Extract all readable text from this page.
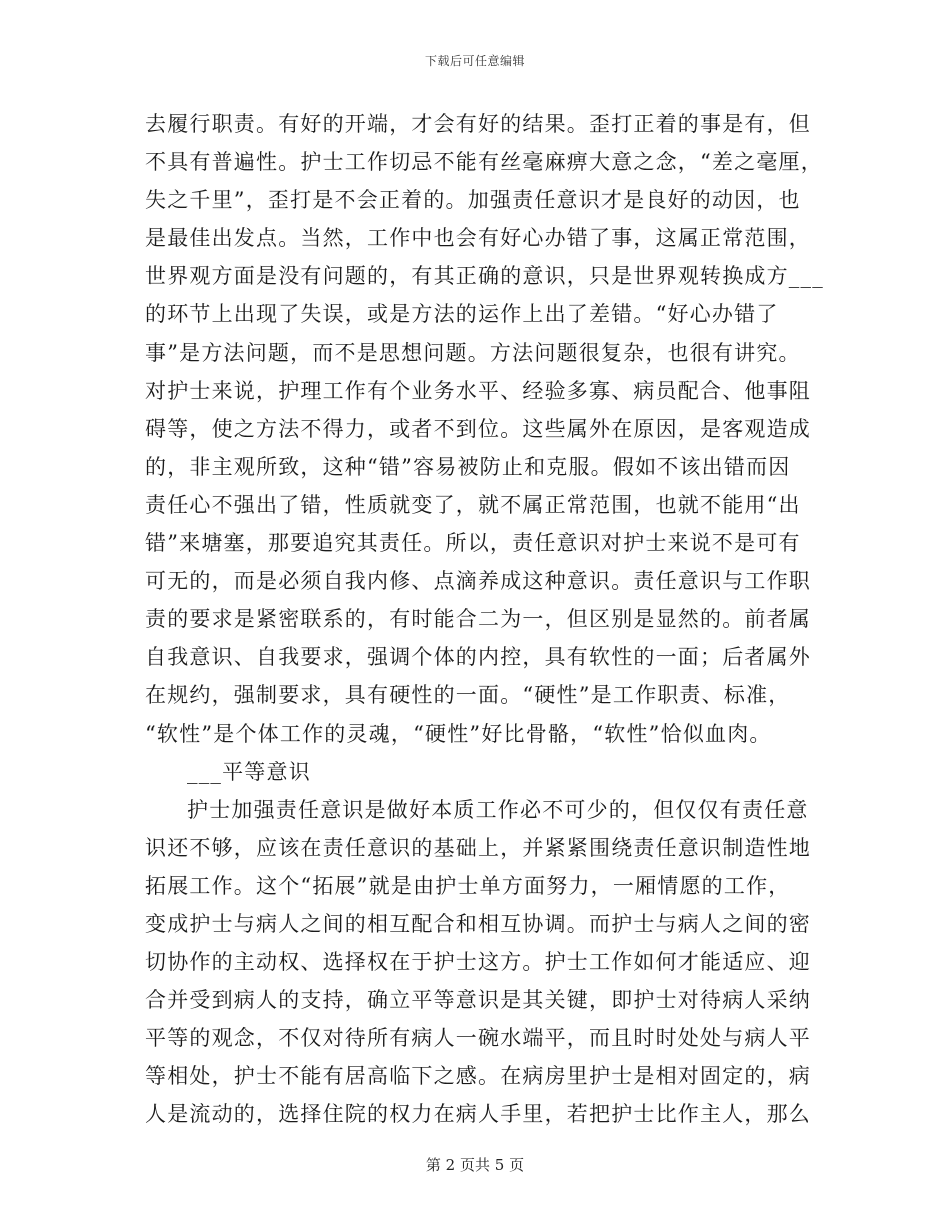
下载后可任意编辑
去履行职责。有好的开端，才会有好的结果。歪打正着的事是有，但
不具有普遍性。护士工作切忌不能有丝毫麻痹大意之念，“差之毫厘，
失之千里”，歪打是不会正着的。加强责任意识才是良好的动因，也
是最佳出发点。当然，工作中也会有好心办错了事，这属正常范围，
世界观方面是没有问题的，有其正确的意识，只是世界观转换成方___
的环节上出现了失误，或是方法的运作上出了差错。“好心办错了
事”是方法问题，而不是思想问题。方法问题很复杂，也很有讲究。
对护士来说，护理工作有个业务水平、经验多寡、病员配合、他事阻
碍等，使之方法不得力，或者不到位。这些属外在原因，是客观造成
的，非主观所致，这种“错”容易被防止和克服。假如不该出错而因
责任心不强出了错，性质就变了，就不属正常范围，也就不能用“出
错”来塘塞，那要追究其责任。所以，责任意识对护士来说不是可有
可无的，而是必须自我内修、点滴养成这种意识。责任意识与工作职
责的要求是紧密联系的，有时能合二为一，但区别是显然的。前者属
自我意识、自我要求，强调个体的内控，具有软性的一面；后者属外
在规约，强制要求，具有硬性的一面。“硬性”是工作职责、标准，
“软性”是个体工作的灵魂，“硬性”好比骨骼，“软性”恰似血肉。
___平等意识
护士加强责任意识是做好本质工作必不可少的，但仅仅有责任意
识还不够，应该在责任意识的基础上，并紧紧围绕责任意识制造性地
拓展工作。这个“拓展”就是由护士单方面努力，一厢情愿的工作，
变成护士与病人之间的相互配合和相互协调。而护士与病人之间的密
切协作的主动权、选择权在于护士这方。护士工作如何才能适应、迎
合并受到病人的支持，确立平等意识是其关键，即护士对待病人采纳
平等的观念，不仅对待所有病人一碗水端平，而且时时处处与病人平
等相处，护士不能有居高临下之感。在病房里护士是相对固定的，病
人是流动的，选择住院的权力在病人手里，若把护士比作主人，那么
第 2 页共 5 页
